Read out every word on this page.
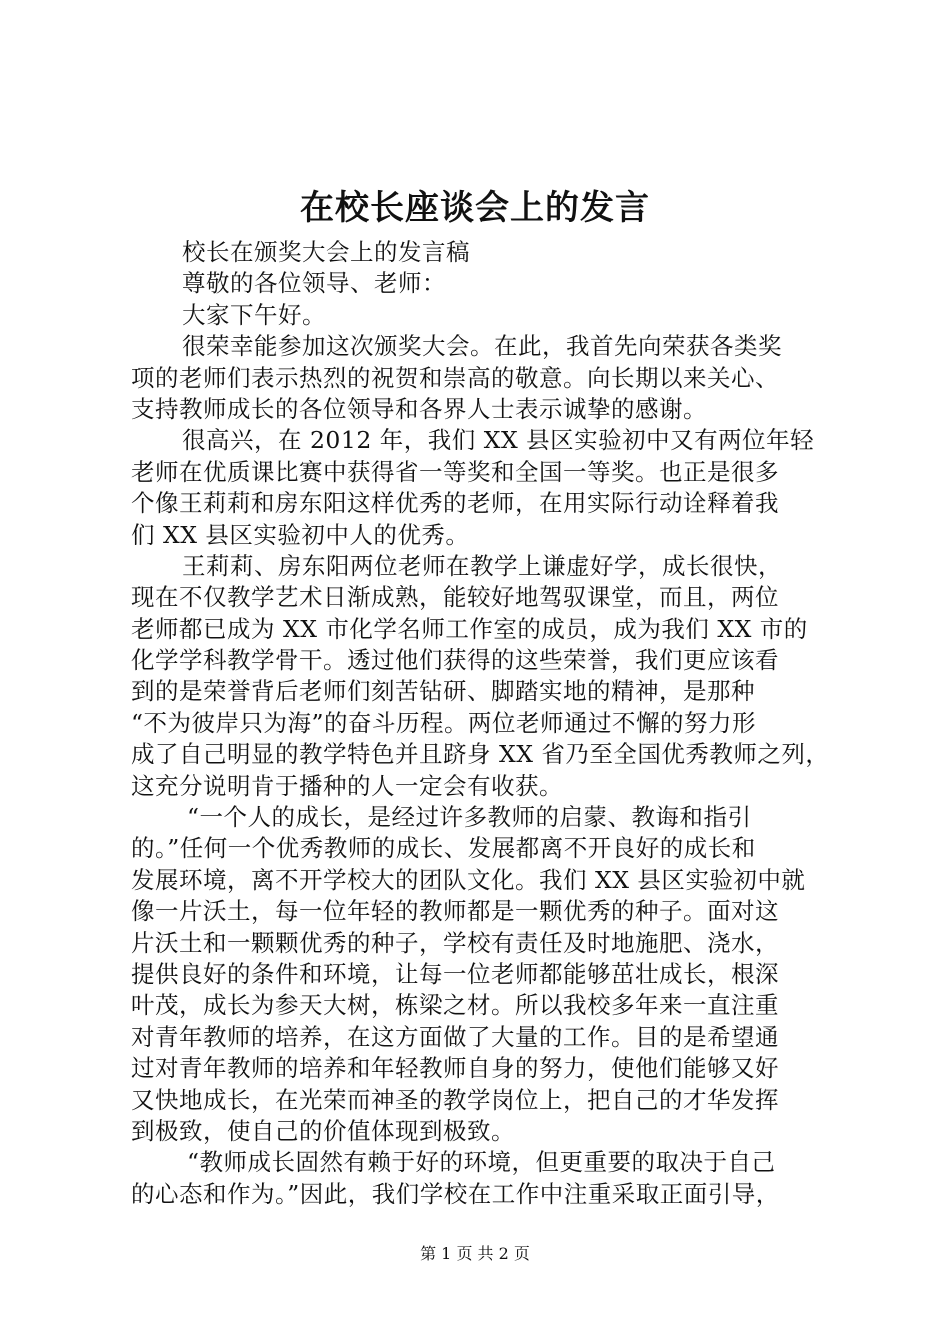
在校长座谈会上的发言
校长在颁奖大会上的发言稿
尊敬的各位领导、老师：
大家下午好。
很荣幸能参加这次颁奖大会。在此，我首先向荣获各类奖
项的老师们表示热烈的祝贺和崇高的敬意。向长期以来关心、
支持教师成长的各位领导和各界人士表示诚挚的感谢。
很高兴，在 2012 年，我们 XX 县区实验初中又有两位年轻
老师在优质课比赛中获得省一等奖和全国一等奖。也正是很多
个像王莉莉和房东阳这样优秀的老师，在用实际行动诠释着我
们 XX 县区实验初中人的优秀。
王莉莉、房东阳两位老师在教学上谦虚好学，成长很快，
现在不仅教学艺术日渐成熟，能较好地驾驭课堂，而且，两位
老师都已成为 XX 市化学名师工作室的成员，成为我们 XX 市的
化学学科教学骨干。透过他们获得的这些荣誉，我们更应该看
到的是荣誉背后老师们刻苦钻研、脚踏实地的精神，是那种
“不为彼岸只为海”的奋斗历程。两位老师通过不懈的努力形
成了自己明显的教学特色并且跻身 XX 省乃至全国优秀教师之列，
这充分说明肯于播种的人一定会有收获。
“一个人的成长，是经过许多教师的启蒙、教诲和指引
的。”任何一个优秀教师的成长、发展都离不开良好的成长和
发展环境，离不开学校大的团队文化。我们 XX 县区实验初中就
像一片沃土，每一位年轻的教师都是一颗优秀的种子。面对这
片沃土和一颗颗优秀的种子，学校有责任及时地施肥、浇水，
提供良好的条件和环境，让每一位老师都能够茁壮成长，根深
叶茂，成长为参天大树，栋梁之材。所以我校多年来一直注重
对青年教师的培养，在这方面做了大量的工作。目的是希望通
过对青年教师的培养和年轻教师自身的努力，使他们能够又好
又快地成长，在光荣而神圣的教学岗位上，把自己的才华发挥
到极致，使自己的价值体现到极致。
“教师成长固然有赖于好的环境，但更重要的取决于自己
的心态和作为。”因此，我们学校在工作中注重采取正面引导，
第 1 页 共 2 页
